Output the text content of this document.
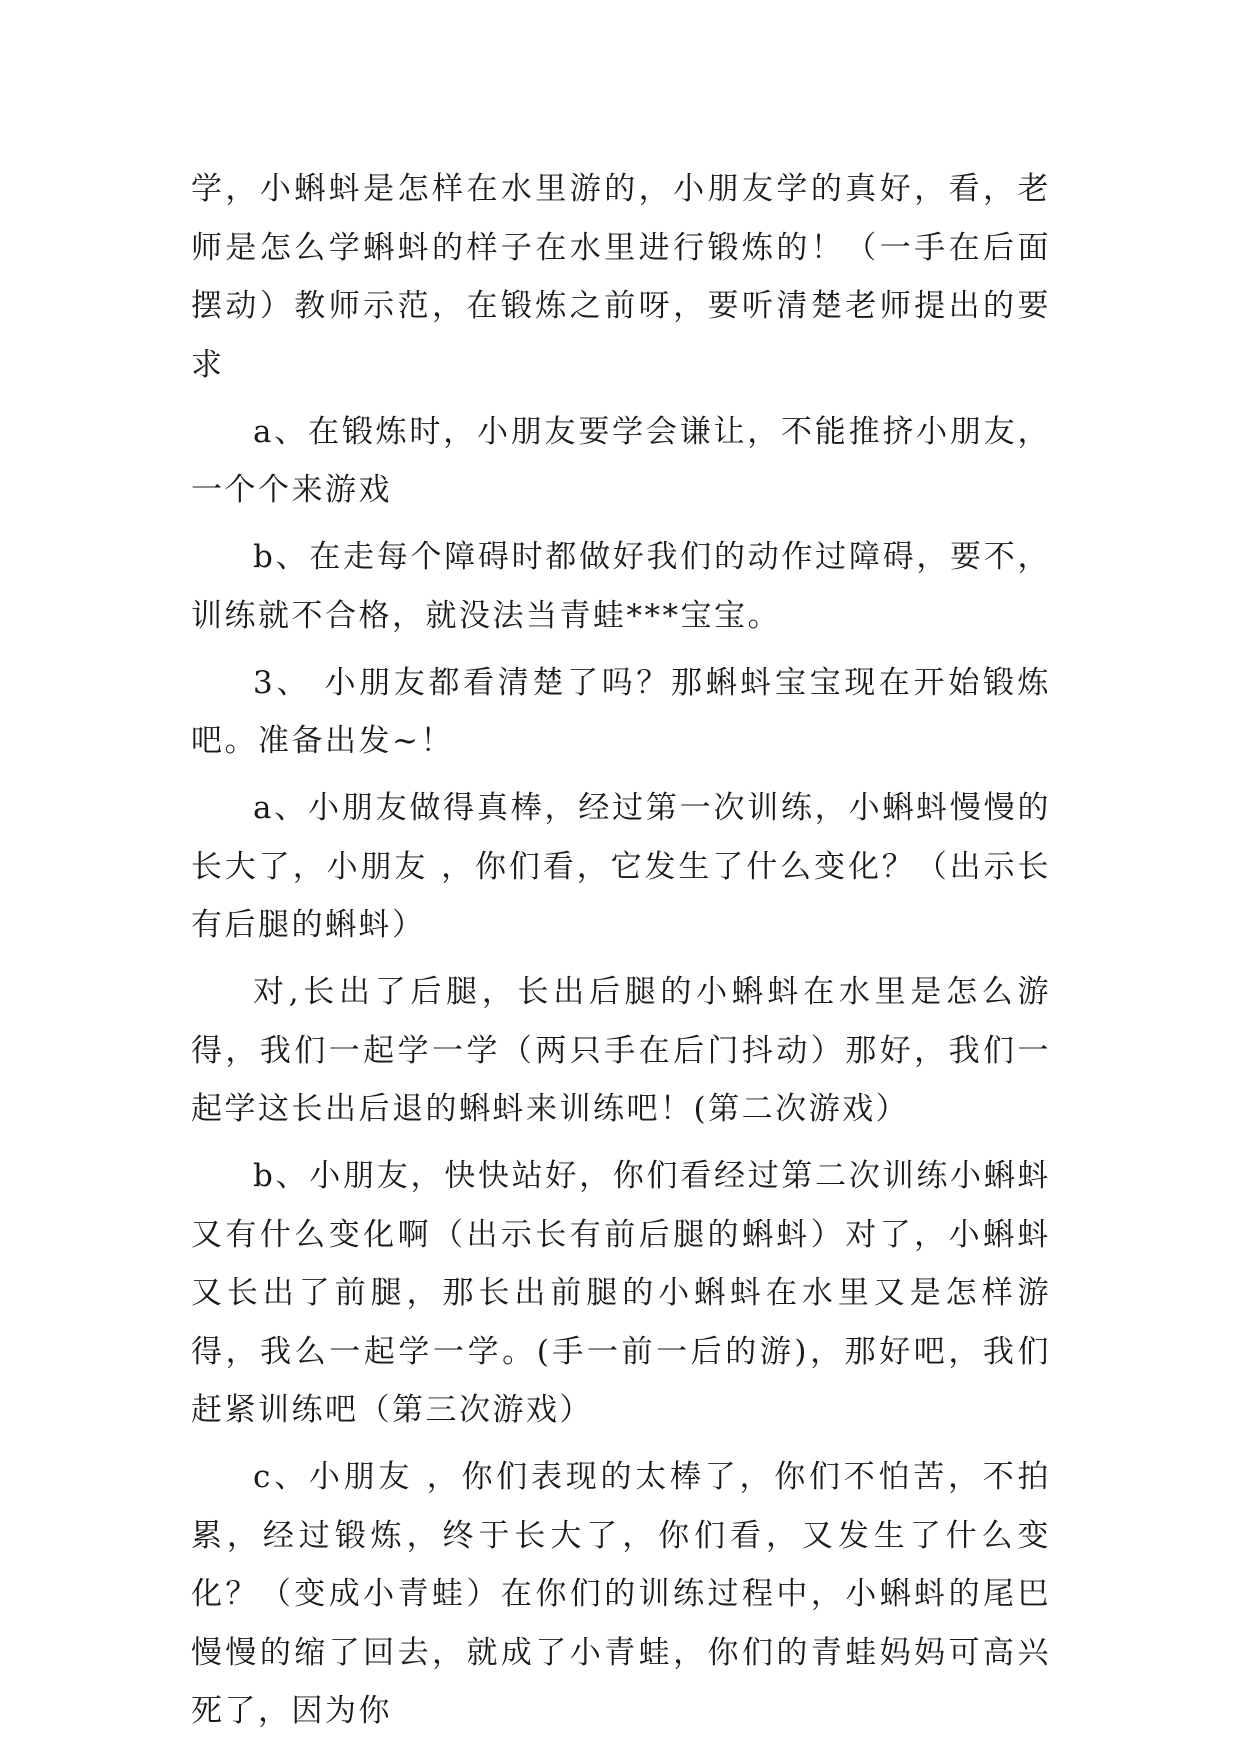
学，小蝌蚪是怎样在水里游的，小朋友学的真好，看，老师是怎么学蝌蚪的样子在水里进行锻炼的！（一手在后面摆动）教师示范，在锻炼之前呀，要听清楚老师提出的要求

a、在锻炼时，小朋友要学会谦让，不能推挤小朋友，一个个来游戏

b、在走每个障碍时都做好我们的动作过障碍，要不，训练就不合格，就没法当青蛙***宝宝。

3、 小朋友都看清楚了吗？那蝌蚪宝宝现在开始锻炼吧。准备出发~！

a、小朋友做得真棒，经过第一次训练，小蝌蚪慢慢的长大了，小朋友 ，你们看，它发生了什么变化？（出示长有后腿的蝌蚪）

对,长出了后腿，长出后腿的小蝌蚪在水里是怎么游得，我们一起学一学（两只手在后门抖动）那好，我们一起学这长出后退的蝌蚪来训练吧！(第二次游戏）

b、小朋友，快快站好，你们看经过第二次训练小蝌蚪又有什么变化啊（出示长有前后腿的蝌蚪）对了，小蝌蚪又长出了前腿，那长出前腿的小蝌蚪在水里又是怎样游得，我么一起学一学。(手一前一后的游)，那好吧，我们赶紧训练吧（第三次游戏）

c、小朋友 ，你们表现的太棒了，你们不怕苦，不拍累，经过锻炼，终于长大了，你们看，又发生了什么变化？（变成小青蛙）在你们的训练过程中，小蝌蚪的尾巴慢慢的缩了回去，就成了小青蛙，你们的青蛙妈妈可高兴死了，因为你
